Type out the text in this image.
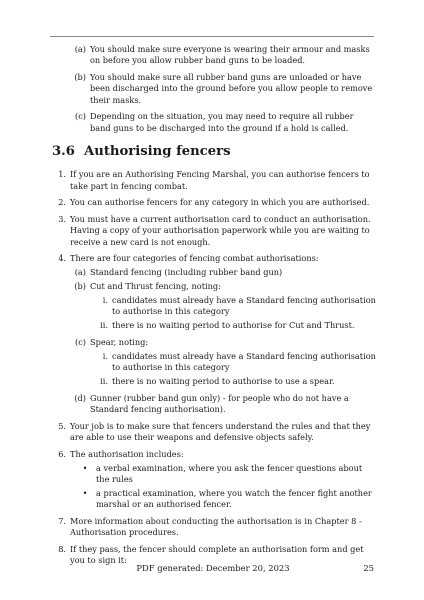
(a) You should make sure everyone is wearing their armour and masks on before you allow rubber band guns to be loaded.
(b) You should make sure all rubber band guns are unloaded or have been discharged into the ground before you allow people to remove their masks.
(c) Depending on the situation, you may need to require all rubber band guns to be discharged into the ground if a hold is called.
3.6 Authorising fencers
1. If you are an Authorising Fencing Marshal, you can authorise fencers to take part in fencing combat.
2. You can authorise fencers for any category in which you are authorised.
3. You must have a current authorisation card to conduct an authorisation. Having a copy of your authorisation paperwork while you are waiting to receive a new card is not enough.
4. There are four categories of fencing combat authorisations:
(a) Standard fencing (including rubber band gun)
(b) Cut and Thrust fencing, noting:
i. candidates must already have a Standard fencing authorisation to authorise in this category
ii. there is no waiting period to authorise for Cut and Thrust.
(c) Spear, noting:
i. candidates must already have a Standard fencing authorisation to authorise in this category
ii. there is no waiting period to authorise to use a spear.
(d) Gunner (rubber band gun only) - for people who do not have a Standard fencing authorisation).
5. Your job is to make sure that fencers understand the rules and that they are able to use their weapons and defensive objects safely.
6. The authorisation includes:
•	a verbal examination, where you ask the fencer questions about the rules
•	a practical examination, where you watch the fencer fight another marshal or an authorised fencer.
7. More information about conducting the authorisation is in Chapter 8 - Authorisation procedures.
8. If they pass, the fencer should complete an authorisation form and get you to sign it:
PDF generated: December 20, 2023	25
